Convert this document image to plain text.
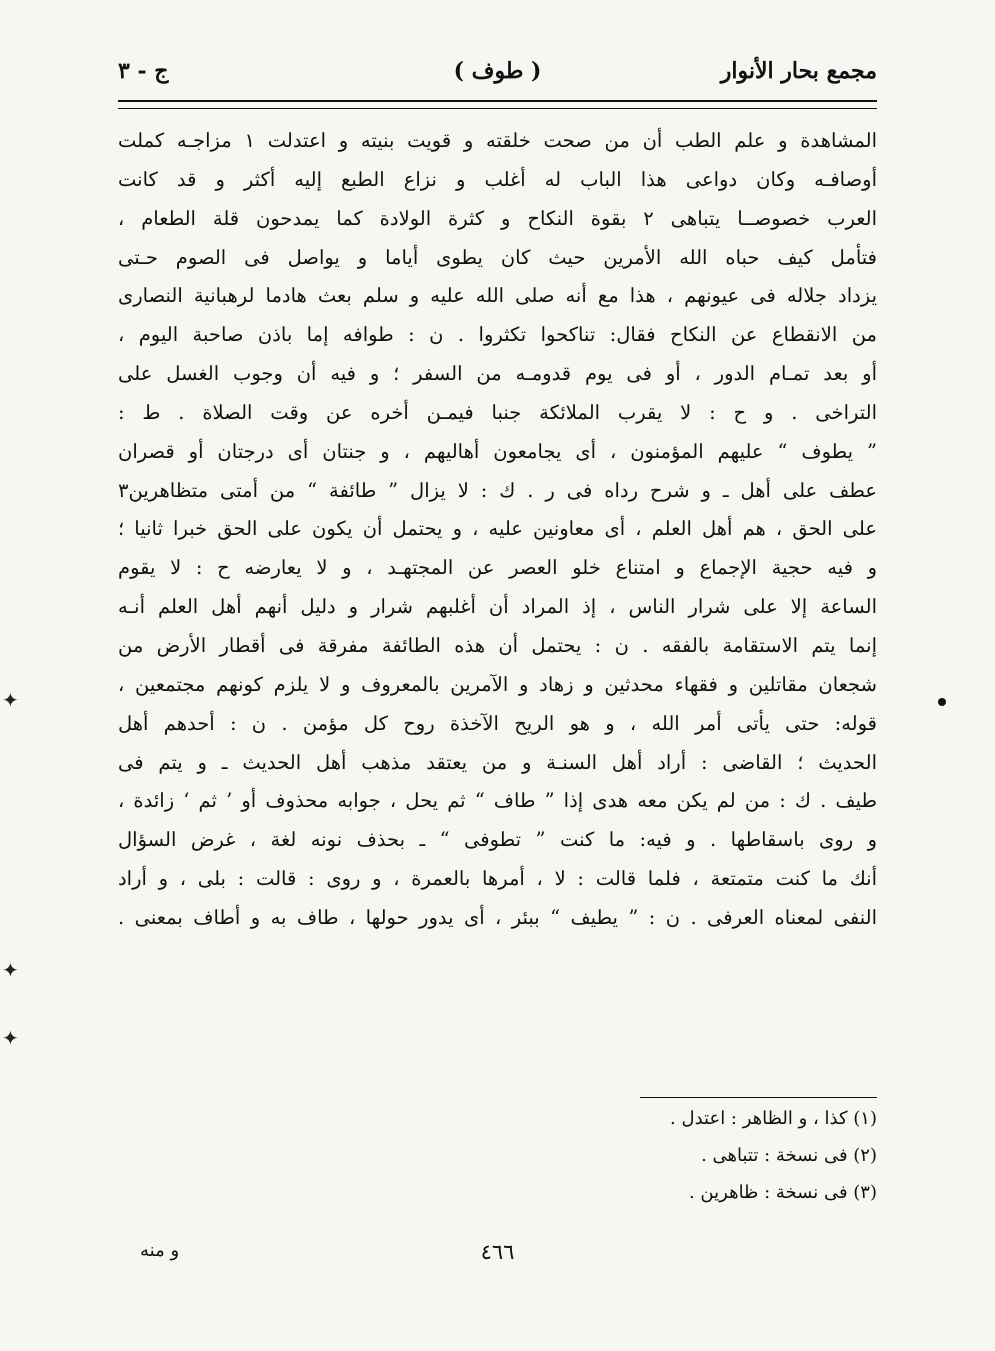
مجمع بحار الأنوار
( طوف )
ج - ٣
المشاهدة و علم الطب أن من صحت خلقته و قويت بنيته و اعتدلت ١ مزاجـه كملت
أوصافـه وكان دواعى هذا الباب له أغلب و نزاع الطبع إليه أكثر و قد كانت
العرب خصوصــا يتباهى ٢ بقوة النكاح و كثرة الولادة كما يمدحون قلة الطعام ،
فتأمل كيف حباه الله الأمرين حيث كان يطوى أياما و يواصل فى الصوم حـتى
يزداد جلاله فى عيونهم ، هذا مع أنه صلى الله عليه و سلم بعث هادما لرهبانية النصارى
من الانقطاع عن النكاح فقال: تناكحوا تكثروا . ن : طوافه إما باذن صاحبة اليوم ،
أو بعد تمـام الدور ، أو فى يوم قدومـه من السفر ؛ و فيه أن وجوب الغسل على
التراخى . و ح : لا يقرب الملائكة جنبا فيمـن أخره عن وقت الصلاة . ط :
” يطوف “ عليهم المؤمنون ، أى يجامعون أهاليهم ، و جنتان أى درجتان أو قصران
عطف على أهل ـ و شرح رداه فى ر . ك : لا يزال ” طائفة “ من أمتى متظاهرين٣
على الحق ، هم أهل العلم ، أى معاونين عليه ، و يحتمل أن يكون على الحق خبرا ثانيا ؛
و فيه حجية الإجماع و امتناع خلو العصر عن المجتهـد ، و لا يعارضه ح : لا يقوم
الساعة إلا على شرار الناس ، إذ المراد أن أغلبهم شرار و دليل أنهم أهل العلم أنـه
إنما يتم الاستقامة بالفقه . ن : يحتمل أن هذه الطائفة مفرقة فى أقطار الأرض من
شجعان مقاتلين و فقهاء محدثين و زهاد و الآمرين بالمعروف و لا يلزم كونهم مجتمعين ،
قوله: حتى يأتى أمر الله ، و هو الريح الآخذة روح كل مؤمن . ن : أحدهم أهل
الحديث ؛ القاضى : أراد أهل السنـة و من يعتقد مذهب أهل الحديث ـ و يتم فى
طيف . ك : من لم يكن معه هدى إذا ” طاف “ ثم يحل ، جوابه محذوف أو ’ ثم ‘ زائدة ،
و روى باسقاطها . و فيه: ما كنت ” تطوفى “ ـ بحذف نونه لغة ، غرض السؤال
أنك ما كنت متمتعة ، فلما قالت : لا ، أمرها بالعمرة ، و روى : قالت : بلى ، و أراد
النفى لمعناه العرفى . ن : ” يطيف “ ببئر ، أى يدور حولها ، طاف به و أطاف بمعنى .
(١) كذا ، و الظاهر : اعتدل .
(٢) فى نسخة : تتباهى .
(٣) فى نسخة : ظاهرين .
٤٦٦
و منه
✦
✦
✦
